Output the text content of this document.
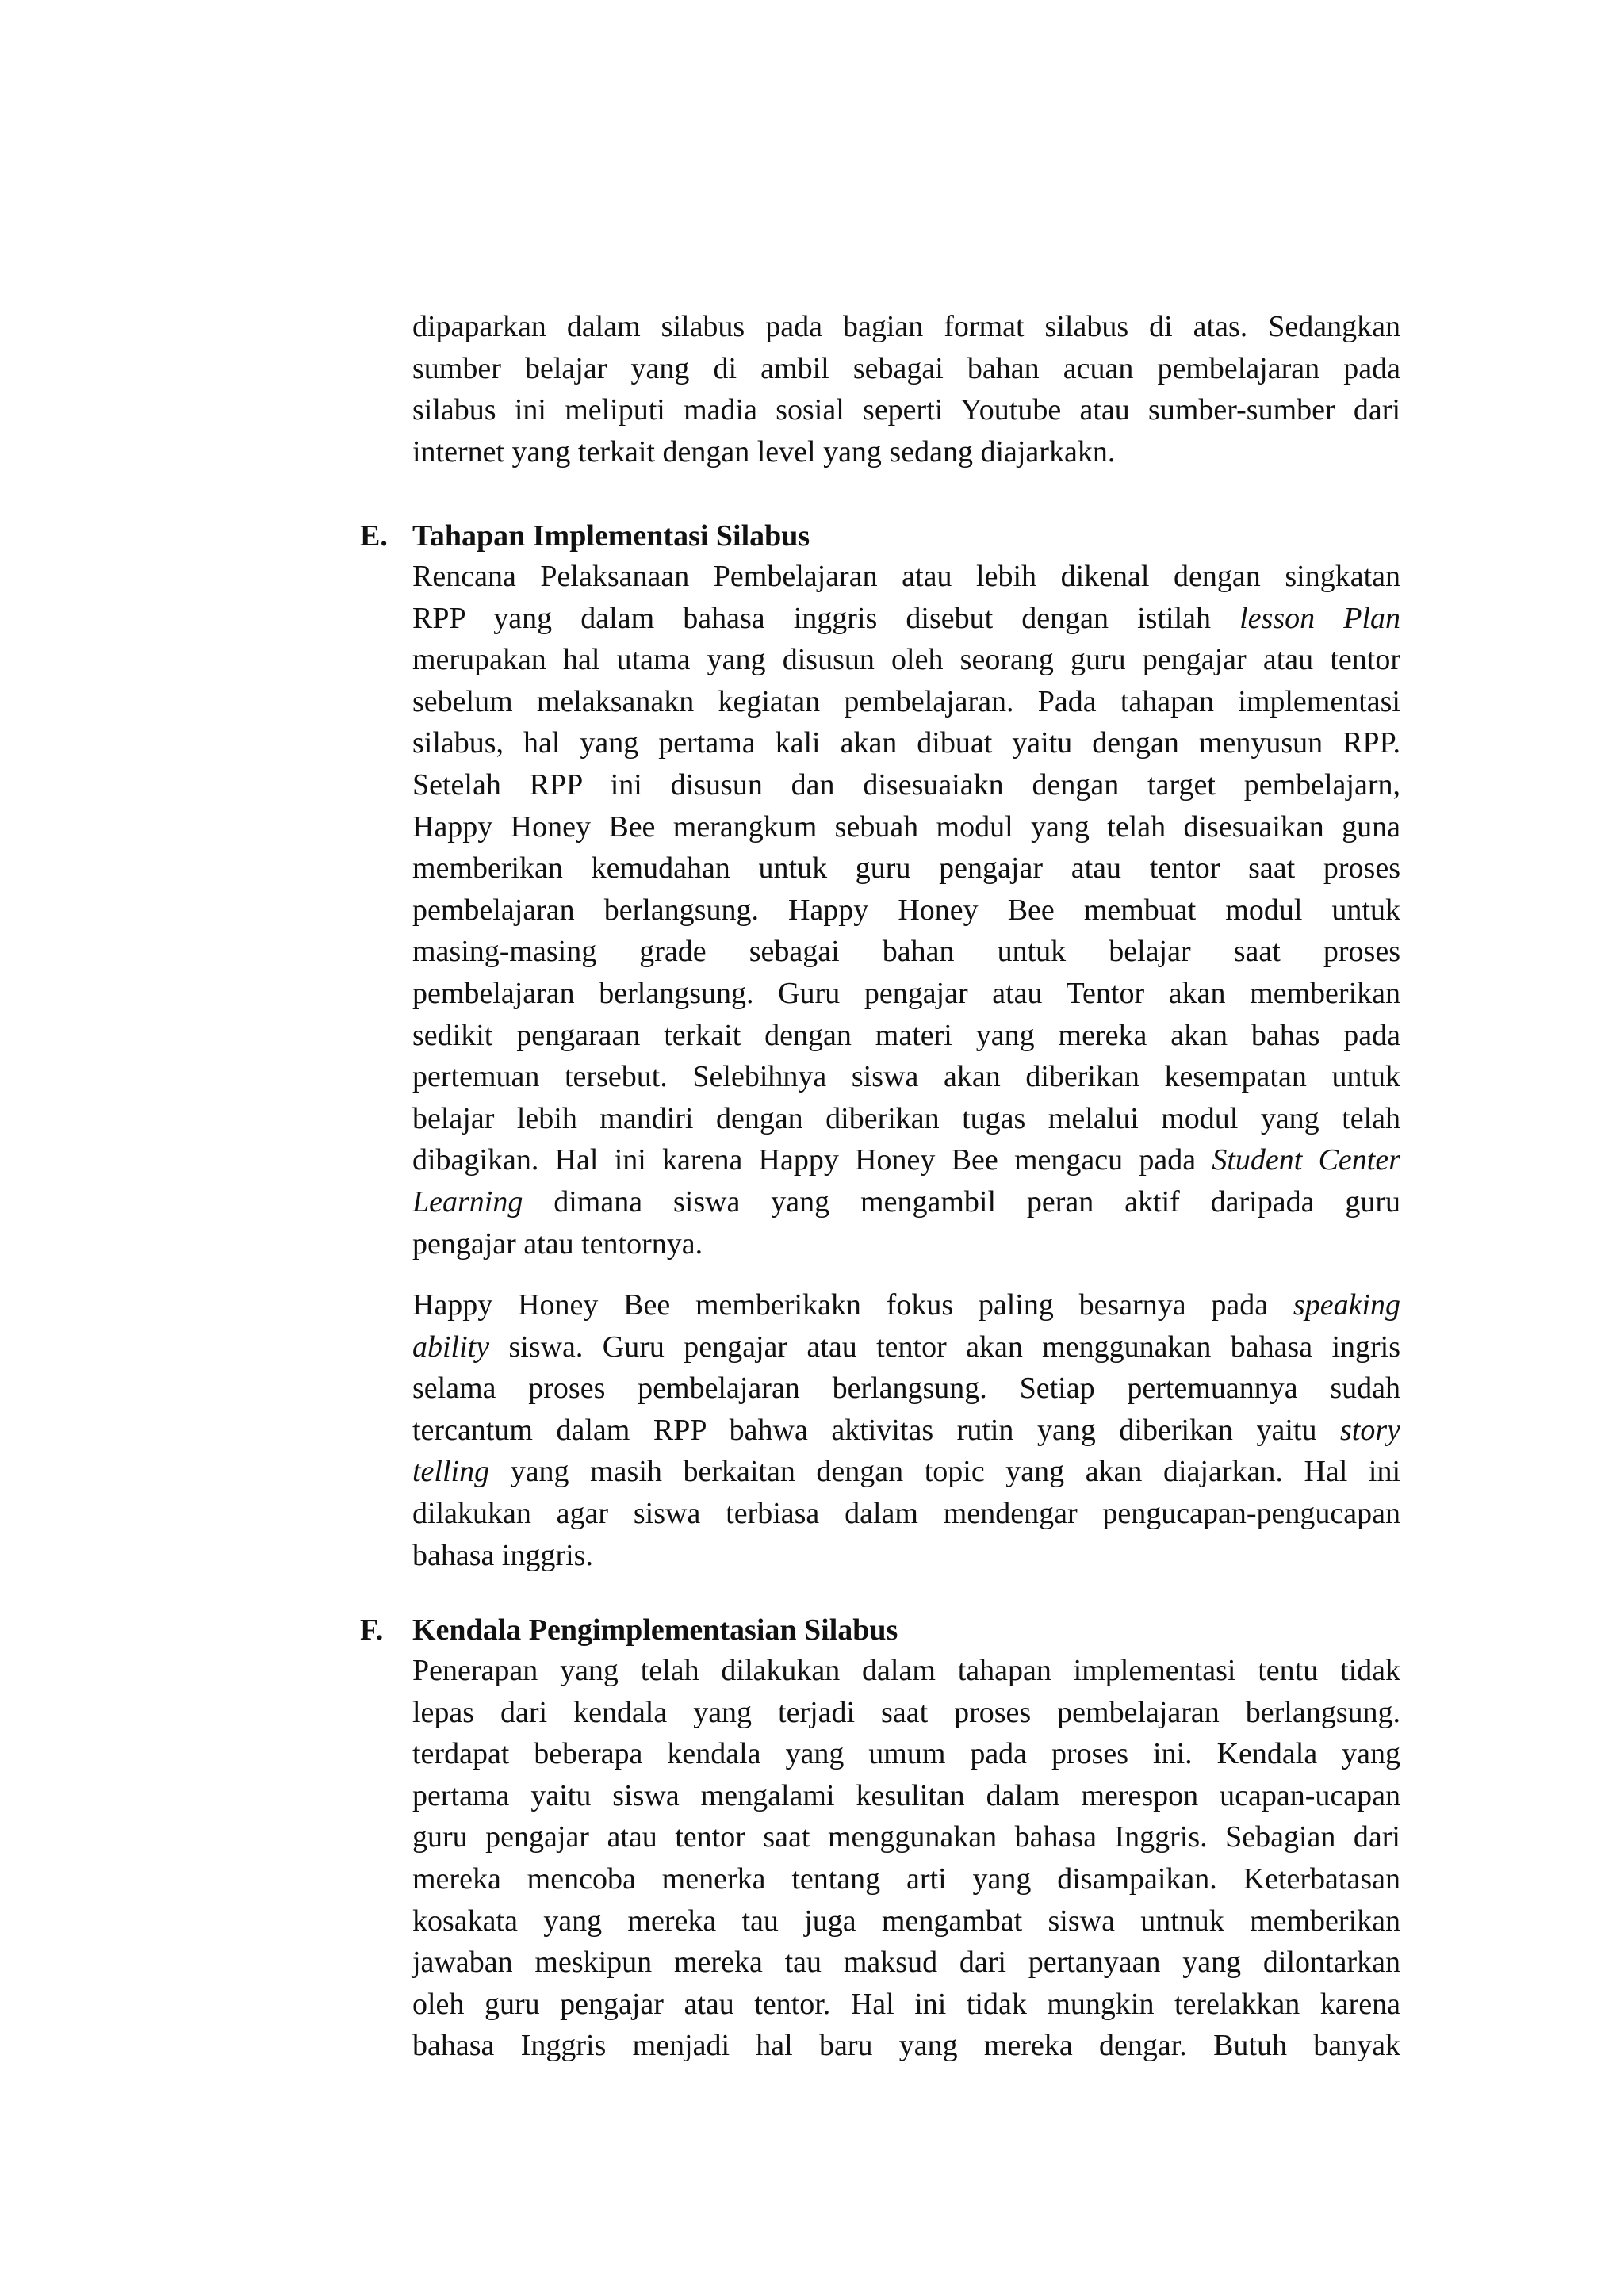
dipaparkan dalam silabus pada bagian format silabus di atas. Sedangkan
sumber belajar yang di ambil sebagai bahan acuan pembelajaran pada
silabus ini meliputi madia sosial seperti Youtube atau sumber-sumber dari
internet yang terkait dengan level yang sedang diajarkakn.
E. Tahapan Implementasi Silabus
Rencana Pelaksanaan Pembelajaran atau lebih dikenal dengan singkatan
RPP yang dalam bahasa inggris disebut dengan istilah lesson Plan
merupakan hal utama yang disusun oleh seorang guru pengajar atau tentor
sebelum melaksanakn kegiatan pembelajaran. Pada tahapan implementasi
silabus, hal yang pertama kali akan dibuat yaitu dengan menyusun RPP.
Setelah RPP ini disusun dan disesuaiakn dengan target pembelajarn,
Happy Honey Bee merangkum sebuah modul yang telah disesuaikan guna
memberikan kemudahan untuk guru pengajar atau tentor saat proses
pembelajaran berlangsung. Happy Honey Bee membuat modul untuk
masing-masing grade sebagai bahan untuk belajar saat proses
pembelajaran berlangsung. Guru pengajar atau Tentor akan memberikan
sedikit pengaraan terkait dengan materi yang mereka akan bahas pada
pertemuan tersebut. Selebihnya siswa akan diberikan kesempatan untuk
belajar lebih mandiri dengan diberikan tugas melalui modul yang telah
dibagikan. Hal ini karena Happy Honey Bee mengacu pada Student Center
Learning dimana siswa yang mengambil peran aktif daripada guru
pengajar atau tentornya.
Happy Honey Bee memberikakn fokus paling besarnya pada speaking
ability siswa. Guru pengajar atau tentor akan menggunakan bahasa ingris
selama proses pembelajaran berlangsung. Setiap pertemuannya sudah
tercantum dalam RPP bahwa aktivitas rutin yang diberikan yaitu story
telling yang masih berkaitan dengan topic yang akan diajarkan. Hal ini
dilakukan agar siswa terbiasa dalam mendengar pengucapan-pengucapan
bahasa inggris.
F. Kendala Pengimplementasian Silabus
Penerapan yang telah dilakukan dalam tahapan implementasi tentu tidak
lepas dari kendala yang terjadi saat proses pembelajaran berlangsung.
terdapat beberapa kendala yang umum pada proses ini. Kendala yang
pertama yaitu siswa mengalami kesulitan dalam merespon ucapan-ucapan
guru pengajar atau tentor saat menggunakan bahasa Inggris. Sebagian dari
mereka mencoba menerka tentang arti yang disampaikan. Keterbatasan
kosakata yang mereka tau juga mengambat siswa untnuk memberikan
jawaban meskipun mereka tau maksud dari pertanyaan yang dilontarkan
oleh guru pengajar atau tentor. Hal ini tidak mungkin terelakkan karena
bahasa Inggris menjadi hal baru yang mereka dengar. Butuh banyak
